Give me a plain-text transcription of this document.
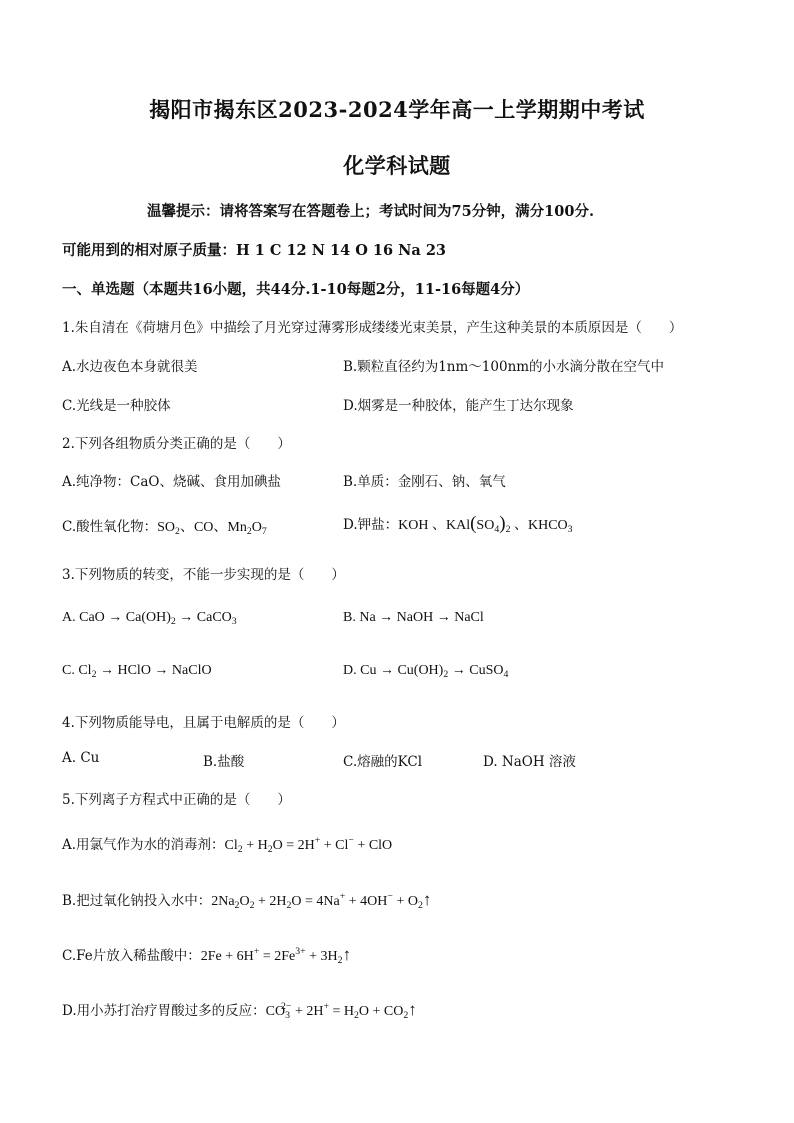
揭阳市揭东区2023-2024学年高一上学期期中考试
化学科试题
温馨提示：请将答案写在答题卷上；考试时间为75分钟，满分100分.
可能用到的相对原子质量：H 1 C 12 N 14 O 16 Na 23
一、单选题（本题共16小题，共44分.1-10每题2分，11-16每题4分）
1.朱自清在《荷塘月色》中描绘了月光穿过薄雾形成缕缕光束美景，产生这种美景的本质原因是（　　）
A.水边夜色本身就很美	B.颗粒直径约为1nm～100nm的小水滴分散在空气中
C.光线是一种胶体	D.烟雾是一种胶体，能产生丁达尔现象
2.下列各组物质分类正确的是（　　）
A.纯净物：CaO、烧碱、食用加碘盐	B.单质：金刚石、钠、氧气
C.酸性氧化物：$SO_2$、CO、$Mn_2O_7$	D.钾盐：KOH 、$KAl(SO_4)_2$ 、$KHCO_3$
3.下列物质的转变，不能一步实现的是（　　）
A. CaO → $Ca(OH)_2$ → CaCO$_3$	B. Na → NaOH → NaCl
C. $Cl_2$ → HClO → NaClO	D. $Cu \to Cu(OH)_2$ → CuSO$_4$
4.下列物质能导电，且属于电解质的是（　　）
A. Cu	B.盐酸	C.熔融的KCl	D. NaOH 溶液
5.下列离子方程式中正确的是（　　）
A.用氯气作为水的消毒剂：$Cl_2 + H_2O = 2H^+ + Cl^-$ + ClO
B.把过氧化钠投入水中：$2Na_2O_2 + 2H_2O = 4Na^+ + 4OH^-$ + $O_2↑$
C.Fe片放入稀盐酸中：$2Fe + 6H^+ = 2Fe^{3+}$ + $3H_2↑$
D.用小苏打治疗胃酸过多的反应：$CO_3^{2-} + 2H^+ = H_2O$ + $CO_2↑$
